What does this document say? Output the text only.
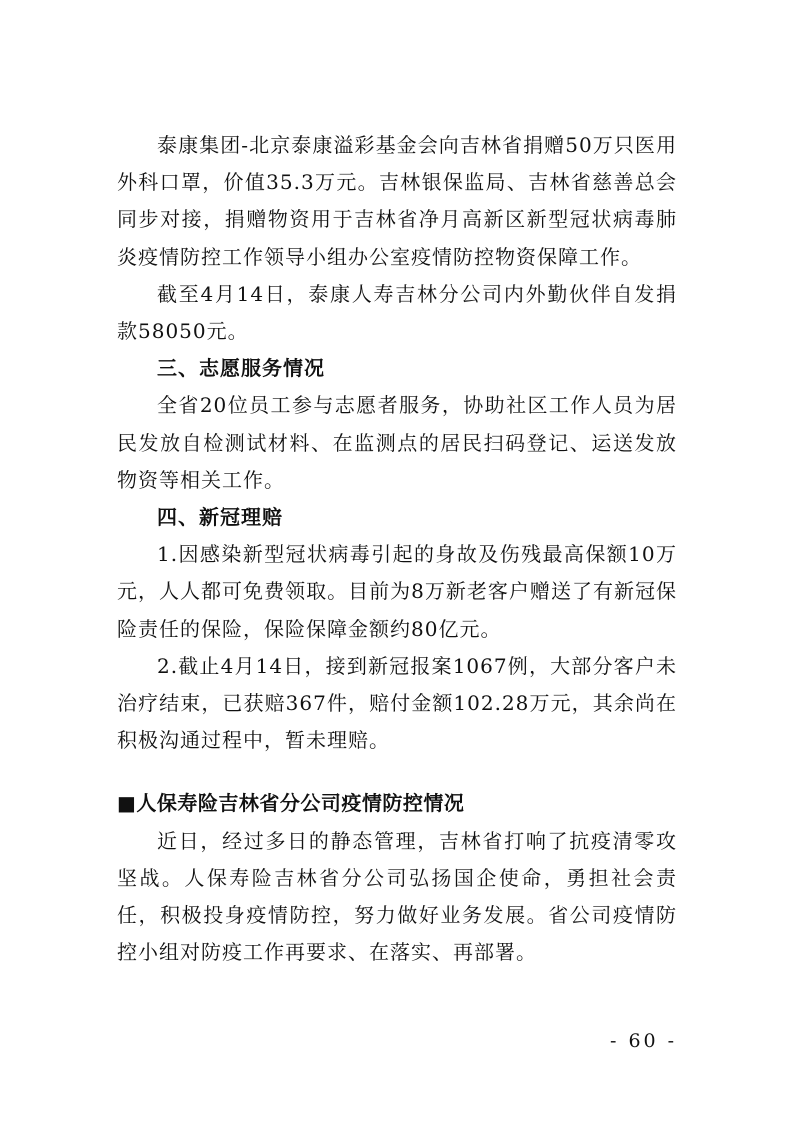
泰康集团-北京泰康溢彩基金会向吉林省捐赠50万只医用外科口罩，价值35.3万元。吉林银保监局、吉林省慈善总会同步对接，捐赠物资用于吉林省净月高新区新型冠状病毒肺炎疫情防控工作领导小组办公室疫情防控物资保障工作。

截至4月14日，泰康人寿吉林分公司内外勤伙伴自发捐款58050元。

三、志愿服务情况

全省20位员工参与志愿者服务，协助社区工作人员为居民发放自检测试材料、在监测点的居民扫码登记、运送发放物资等相关工作。

四、新冠理赔

1.因感染新型冠状病毒引起的身故及伤残最高保额10万元，人人都可免费领取。目前为8万新老客户赠送了有新冠保险责任的保险，保险保障金额约80亿元。

2.截止4月14日，接到新冠报案1067例，大部分客户未治疗结束，已获赔367件，赔付金额102.28万元，其余尚在积极沟通过程中，暂未理赔。

■人保寿险吉林省分公司疫情防控情况

近日，经过多日的静态管理，吉林省打响了抗疫清零攻坚战。人保寿险吉林省分公司弘扬国企使命，勇担社会责任，积极投身疫情防控，努力做好业务发展。省公司疫情防控小组对防疫工作再要求、在落实、再部署。

- 60 -
